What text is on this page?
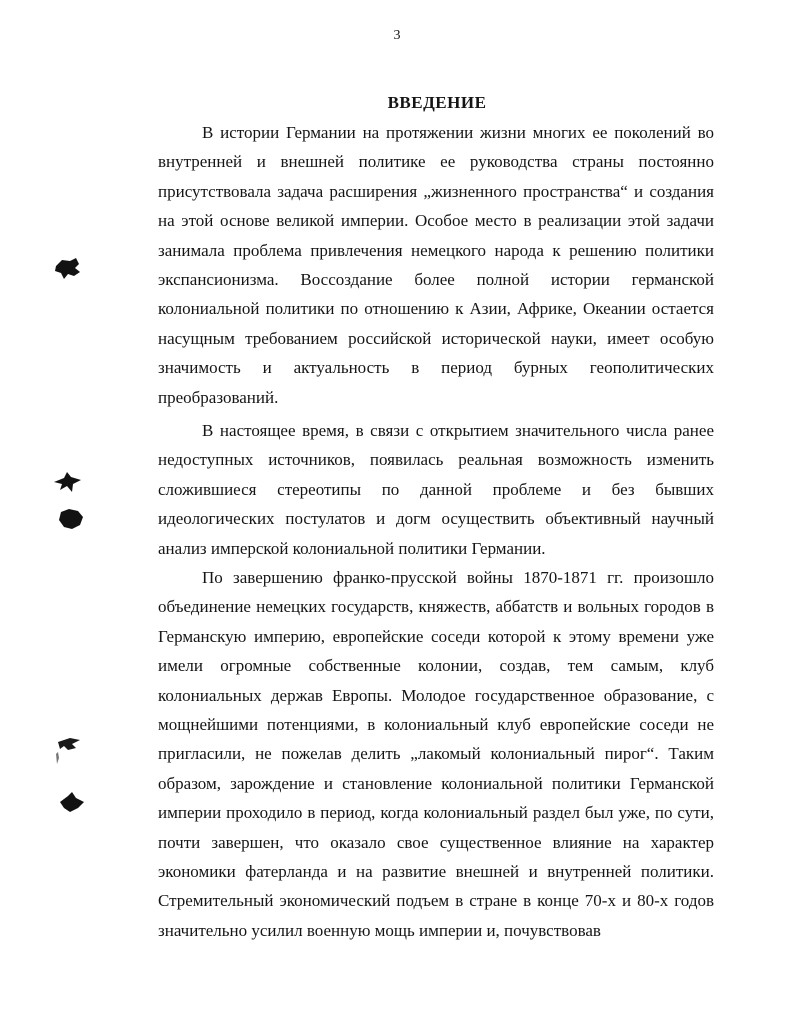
3
ВВЕДЕНИЕ

В истории Германии на протяжении жизни многих ее поколений во внутренней и внешней политике ее руководства страны постоянно присутствовала задача расширения „жизненного пространства“ и создания на этой основе великой империи. Особое место в реализации этой задачи занимала проблема привлечения немецкого народа к решению политики экспансионизма. Воссоздание более полной истории германской колониальной политики по отношению к Азии, Африке, Океании остается насущным требованием российской исторической науки, имеет особую значимость и актуальность в период бурных геополитических преобразований.

В настоящее время, в связи с открытием значительного числа ранее недоступных источников, появилась реальная возможность изменить сложившиеся стереотипы по данной проблеме и без бывших идеологических постулатов и догм осуществить объективный научный анализ имперской колониальной политики Германии.

По завершению франко-прусской войны 1870-1871 гг. произошло объединение немецких государств, княжеств, аббатств и вольных городов в Германскую империю, европейские соседи которой к этому времени уже имели огромные собственные колонии, создав, тем самым, клуб колониальных держав Европы. Молодое государственное образование, с мощнейшими потенциями, в колониальный клуб европейские соседи не пригласили, не пожелав делить „лакомый колониальный пирог“. Таким образом, зарождение и становление колониальной политики Германской империи проходило в период, когда колониальный раздел был уже, по сути, почти завершен, что оказало свое существенное влияние на характер экономики фатерланда и на развитие внешней и внутренней политики. Стремительный экономический подъем в стране в конце 70-х и 80-х годов значительно усилил военную мощь империи и, почувствовав
